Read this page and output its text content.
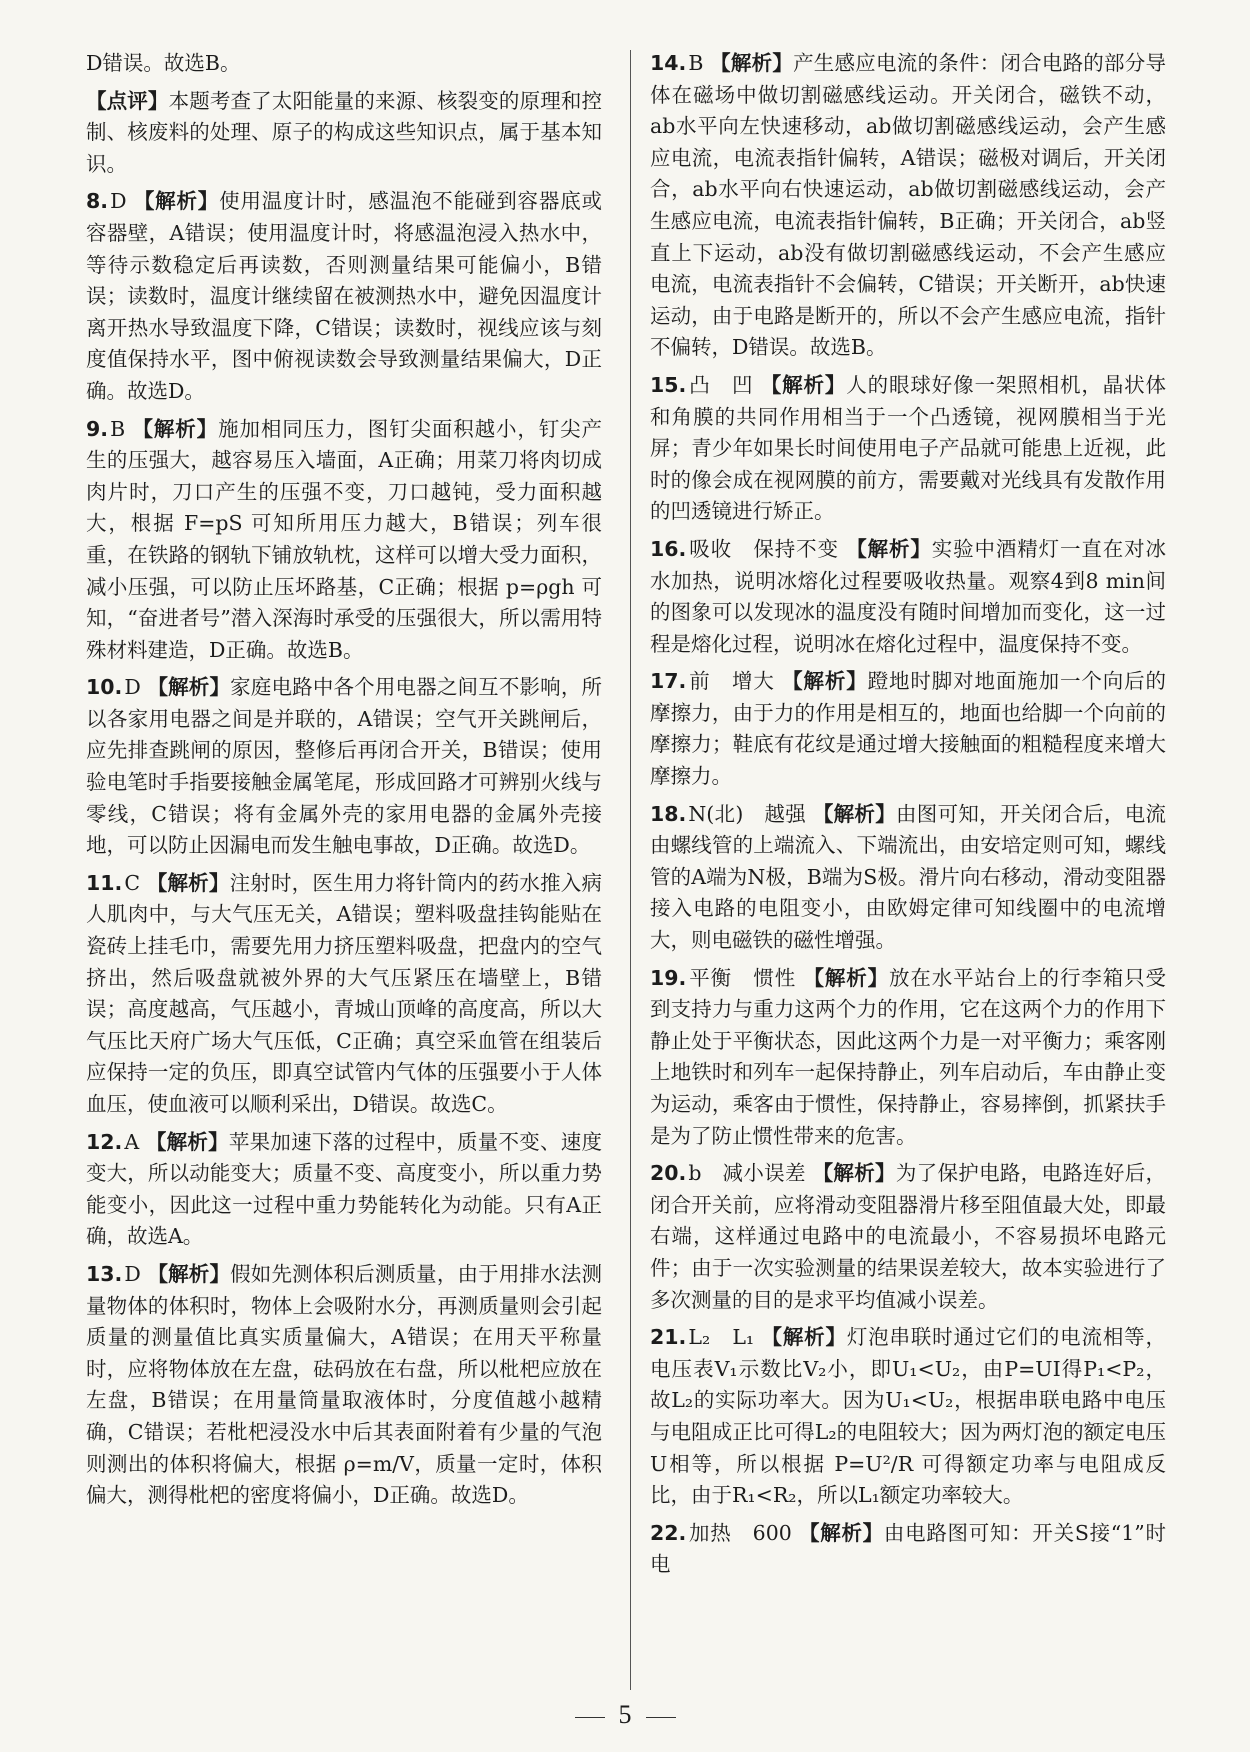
D错误。故选B。

【点评】本题考查了太阳能量的来源、核裂变的原理和控制、核废料的处理、原子的构成这些知识点，属于基本知识。

8.D 【解析】使用温度计时，感温泡不能碰到容器底或容器壁，A错误；使用温度计时，将感温泡浸入热水中，等待示数稳定后再读数，否则测量结果可能偏小，B错误；读数时，温度计继续留在被测热水中，避免因温度计离开热水导致温度下降，C错误；读数时，视线应该与刻度值保持水平，图中俯视读数会导致测量结果偏大，D正确。故选D。

9.B 【解析】施加相同压力，图钉尖面积越小，钉尖产生的压强大，越容易压入墙面，A正确；用菜刀将肉切成肉片时，刀口产生的压强不变，刀口越钝，受力面积越大，根据 F=pS 可知所用压力越大，B错误；列车很重，在铁路的钢轨下铺放轨枕，这样可以增大受力面积，减小压强，可以防止压坏路基，C正确；根据 p=ρgh 可知，“奋进者号”潜入深海时承受的压强很大，所以需用特殊材料建造，D正确。故选B。

10.D 【解析】家庭电路中各个用电器之间互不影响，所以各家用电器之间是并联的，A错误；空气开关跳闸后，应先排查跳闸的原因，整修后再闭合开关，B错误；使用验电笔时手指要接触金属笔尾，形成回路才可辨别火线与零线，C错误；将有金属外壳的家用电器的金属外壳接地，可以防止因漏电而发生触电事故，D正确。故选D。

11.C 【解析】注射时，医生用力将针筒内的药水推入病人肌肉中，与大气压无关，A错误；塑料吸盘挂钩能贴在瓷砖上挂毛巾，需要先用力挤压塑料吸盘，把盘内的空气挤出，然后吸盘就被外界的大气压紧压在墙壁上，B错误；高度越高，气压越小，青城山顶峰的高度高，所以大气压比天府广场大气压低，C正确；真空采血管在组装后应保持一定的负压，即真空试管内气体的压强要小于人体血压，使血液可以顺利采出，D错误。故选C。

12.A 【解析】苹果加速下落的过程中，质量不变、速度变大，所以动能变大；质量不变、高度变小，所以重力势能变小，因此这一过程中重力势能转化为动能。只有A正确，故选A。

13.D 【解析】假如先测体积后测质量，由于用排水法测量物体的体积时，物体上会吸附水分，再测质量则会引起质量的测量值比真实质量偏大，A错误；在用天平称量时，应将物体放在左盘，砝码放在右盘，所以枇杷应放在左盘，B错误；在用量筒量取液体时，分度值越小越精确，C错误；若枇杷浸没水中后其表面附着有少量的气泡则测出的体积将偏大，根据 ρ=m/V，质量一定时，体积偏大，测得枇杷的密度将偏小，D正确。故选D。

14.B 【解析】产生感应电流的条件：闭合电路的部分导体在磁场中做切割磁感线运动。开关闭合，磁铁不动，ab水平向左快速移动，ab做切割磁感线运动，会产生感应电流，电流表指针偏转，A错误；磁极对调后，开关闭合，ab水平向右快速运动，ab做切割磁感线运动，会产生感应电流，电流表指针偏转，B正确；开关闭合，ab竖直上下运动，ab没有做切割磁感线运动，不会产生感应电流，电流表指针不会偏转，C错误；开关断开，ab快速运动，由于电路是断开的，所以不会产生感应电流，指针不偏转，D错误。故选B。

15.凸　凹 【解析】人的眼球好像一架照相机，晶状体和角膜的共同作用相当于一个凸透镜，视网膜相当于光屏；青少年如果长时间使用电子产品就可能患上近视，此时的像会成在视网膜的前方，需要戴对光线具有发散作用的凹透镜进行矫正。

16.吸收　保持不变 【解析】实验中酒精灯一直在对冰水加热，说明冰熔化过程要吸收热量。观察4到8 min间的图象可以发现冰的温度没有随时间增加而变化，这一过程是熔化过程，说明冰在熔化过程中，温度保持不变。

17.前　增大 【解析】蹬地时脚对地面施加一个向后的摩擦力，由于力的作用是相互的，地面也给脚一个向前的摩擦力；鞋底有花纹是通过增大接触面的粗糙程度来增大摩擦力。

18.N(北)　越强 【解析】由图可知，开关闭合后，电流由螺线管的上端流入、下端流出，由安培定则可知，螺线管的A端为N极，B端为S极。滑片向右移动，滑动变阻器接入电路的电阻变小，由欧姆定律可知线圈中的电流增大，则电磁铁的磁性增强。

19.平衡　惯性 【解析】放在水平站台上的行李箱只受到支持力与重力这两个力的作用，它在这两个力的作用下静止处于平衡状态，因此这两个力是一对平衡力；乘客刚上地铁时和列车一起保持静止，列车启动后，车由静止变为运动，乘客由于惯性，保持静止，容易摔倒，抓紧扶手是为了防止惯性带来的危害。

20.b　减小误差 【解析】为了保护电路，电路连好后，闭合开关前，应将滑动变阻器滑片移至阻值最大处，即最右端，这样通过电路中的电流最小，不容易损坏电路元件；由于一次实验测量的结果误差较大，故本实验进行了多次测量的目的是求平均值减小误差。

21.L₂　L₁ 【解析】灯泡串联时通过它们的电流相等，电压表V₁示数比V₂小，即U₁<U₂，由P=UI得P₁<P₂，故L₂的实际功率大。因为U₁<U₂，根据串联电路中电压与电阻成正比可得L₂的电阻较大；因为两灯泡的额定电压U相等，所以根据 P=U²/R 可得额定功率与电阻成反比，由于R₁<R₂，所以L₁额定功率较大。

22.加热　600 【解析】由电路图可知：开关S接“1”时电

5
